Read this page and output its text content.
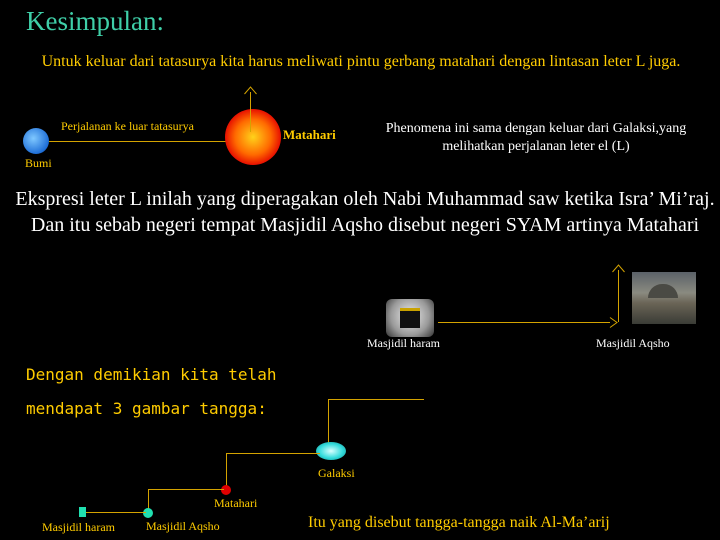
Kesimpulan:
Untuk keluar dari tatasurya kita harus meliwati pintu gerbang matahari dengan lintasan leter L juga.
Perjalanan ke luar tatasurya
Bumi
Matahari	Phenomena ini sama dengan keluar dari Galaksi,yang melihatkan perjalanan leter el (L)
Ekspresi leter L inilah yang diperagakan oleh Nabi Muhammad saw ketika Isra’ Mi’raj. Dan itu sebab negeri tempat Masjidil Aqsho disebut negeri SYAM artinya Matahari
Masjidil haram	Masjidil Aqsho
Dengan demikian kita telah
mendapat 3 gambar tangga:
Galaksi
Matahari
Masjidil haram	Masjidil Aqsho	Itu yang disebut tangga-tangga naik Al-Ma’arij
